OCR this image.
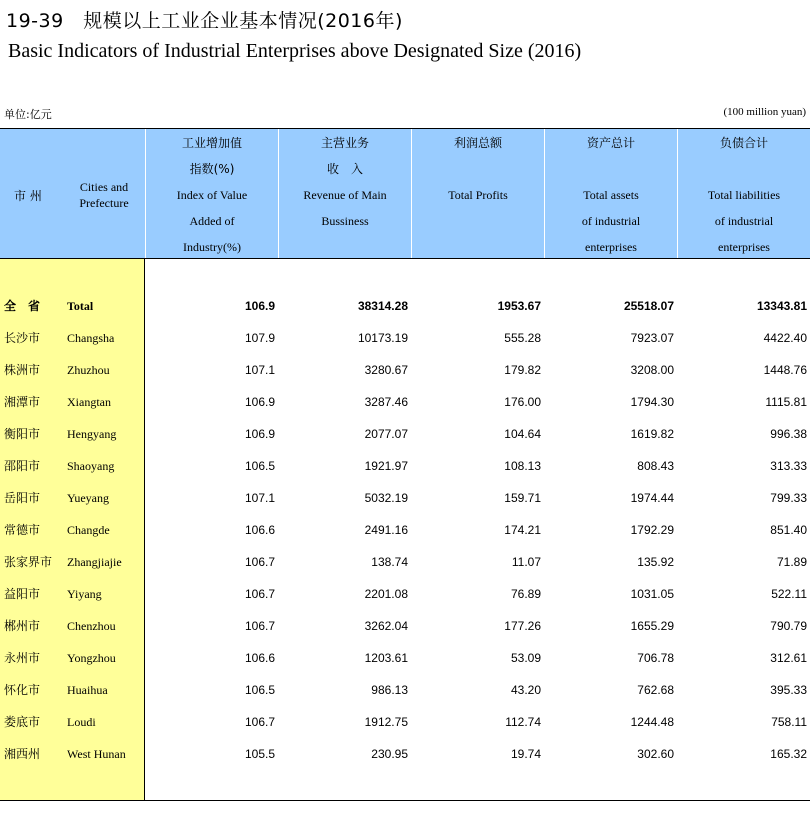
19-39　规模以上工业企业基本情况(2016年)
Basic Indicators of Industrial Enterprises above Designated Size (2016)
单位:亿元	(100 million yuan)
市 州
Cities and
Prefecture
工业增加值
指数(%)
Index of Value
Added of
Industry(%)
主营业务
收　入
Revenue of Main
Bussiness
利润总额
Total Profits
资产总计
Total assets
of industrial
enterprises
负债合计
Total liabilities
of industrial
enterprises
全　省 Total	106.9	38314.28	1953.67	25518.07	13343.81
长沙市 Changsha	107.9	10173.19	555.28	7923.07	4422.40
株洲市 Zhuzhou	107.1	3280.67	179.82	3208.00	1448.76
湘潭市 Xiangtan	106.9	3287.46	176.00	1794.30	1115.81
衡阳市 Hengyang	106.9	2077.07	104.64	1619.82	996.38
邵阳市 Shaoyang	106.5	1921.97	108.13	808.43	313.33
岳阳市 Yueyang	107.1	5032.19	159.71	1974.44	799.33
常德市 Changde	106.6	2491.16	174.21	1792.29	851.40
张家界市 Zhangjiajie	106.7	138.74	11.07	135.92	71.89
益阳市 Yiyang	106.7	2201.08	76.89	1031.05	522.11
郴州市 Chenzhou	106.7	3262.04	177.26	1655.29	790.79
永州市 Yongzhou	106.6	1203.61	53.09	706.78	312.61
怀化市 Huaihua	106.5	986.13	43.20	762.68	395.33
娄底市 Loudi	106.7	1912.75	112.74	1244.48	758.11
湘西州 West Hunan	105.5	230.95	19.74	302.60	165.32
